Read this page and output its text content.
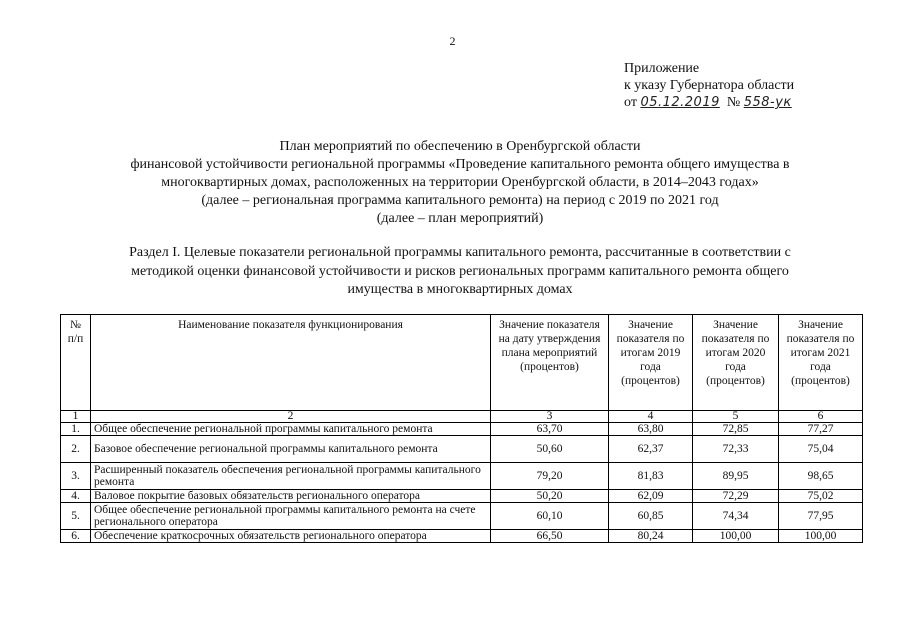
2
Приложение
к указу Губернатора области
от 05.12.2019 № 558-ук
План мероприятий по обеспечению в Оренбургской области
финансовой устойчивости региональной программы «Проведение капитального ремонта общего имущества в
многоквартирных домах, расположенных на территории Оренбургской области, в 2014–2043 годах»
(далее – региональная программа капитального ремонта) на период с 2019 по 2021 год
(далее – план мероприятий)
Раздел I. Целевые показатели региональной программы капитального ремонта, рассчитанные в соответствии с
методикой оценки финансовой устойчивости и рисков региональных программ капитального ремонта общего
имущества в многоквартирных домах
№ п/п	Наименование показателя функционирования	Значение показателя на дату утверждения плана мероприятий (процентов)	Значение показателя по итогам 2019 года (процентов)	Значение показателя по итогам 2020 года (процентов)	Значение показателя по итогам 2021 года (процентов)
1	2	3	4	5	6
1.	Общее обеспечение региональной программы капитального ремонта	63,70	63,80	72,85	77,27
2.	Базовое обеспечение региональной программы капитального ремонта	50,60	62,37	72,33	75,04
3.	Расширенный показатель обеспечения региональной программы капитального ремонта	79,20	81,83	89,95	98,65
4.	Валовое покрытие базовых обязательств регионального оператора	50,20	62,09	72,29	75,02
5.	Общее обеспечение региональной программы капитального ремонта на счете регионального оператора	60,10	60,85	74,34	77,95
6.	Обеспечение краткосрочных обязательств регионального оператора	66,50	80,24	100,00	100,00
